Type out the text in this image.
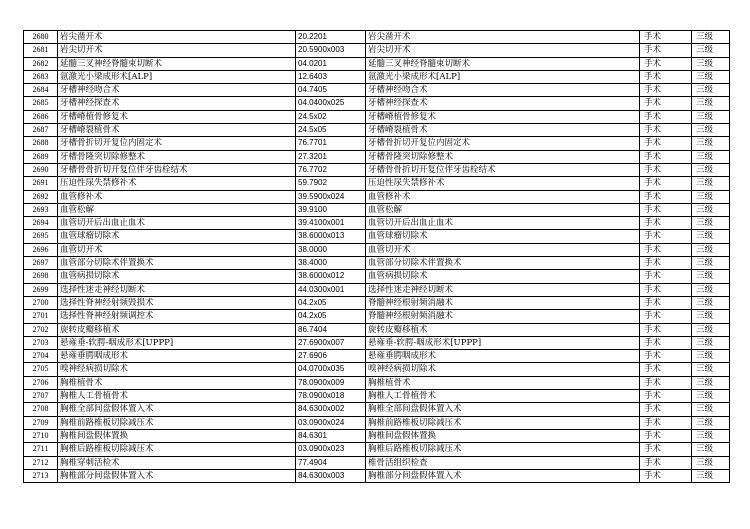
2680	岩尖凿开术	20.2201	岩尖凿开术	手术	三级
2681	岩尖切开术	20.5900x003	岩尖切开术	手术	三级
2682	延髓三叉神经脊髓束切断术	04.0201	延髓三叉神经脊髓束切断术	手术	三级
2683	氩激光小梁成形术[ALP]	12.6403	氩激光小梁成形术[ALP]	手术	三级
2684	牙槽神经吻合术	04.7405	牙槽神经吻合术	手术	三级
2685	牙槽神经探查术	04.0400x025	牙槽神经探查术	手术	三级
2686	牙槽嵴植骨修复术	24.5x02	牙槽嵴植骨修复术	手术	三级
2687	牙槽嵴裂植骨术	24.5x05	牙槽嵴裂植骨术	手术	三级
2688	牙槽骨折切开复位内固定术	76.7701	牙槽骨折切开复位内固定术	手术	三级
2689	牙槽骨隆突切除修整术	27.3201	牙槽骨隆突切除修整术	手术	三级
2690	牙槽骨骨折切开复位伴牙齿栓结术	76.7702	牙槽骨骨折切开复位伴牙齿栓结术	手术	三级
2691	压迫性尿失禁修补术	59.7902	压迫性尿失禁修补术	手术	三级
2692	血管修补术	39.5900x024	血管修补术	手术	三级
2693	血管松解	39.9100	血管松解	手术	三级
2694	血管切开后出血止血术	39.4100x001	血管切开后出血止血术	手术	三级
2695	血管球瘤切除术	38.6000x013	血管球瘤切除术	手术	三级
2696	血管切开术	38.0000	血管切开术	手术	三级
2697	血管部分切除术伴置换术	38.4000	血管部分切除术伴置换术	手术	三级
2698	血管病损切除术	38.6000x012	血管病损切除术	手术	三级
2699	选择性迷走神经切断术	44.0300x001	选择性迷走神经切断术	手术	三级
2700	选择性脊神经射频毁损术	04.2x05	脊髓神经根射频消融术	手术	三级
2701	选择性脊神经射频调控术	04.2x05	脊髓神经根射频消融术	手术	三级
2702	旋转皮瓣移植术	86.7404	旋转皮瓣移植术	手术	三级
2703	悬雍垂-软腭-咽成形术[UPPP]	27.6900x007	悬雍垂-软腭-咽成形术[UPPP]	手术	三级
2704	悬雍垂腭咽成形术	27.6906	悬雍垂腭咽成形术	手术	三级
2705	嗅神经病损切除术	04.0700x035	嗅神经病损切除术	手术	三级
2706	胸椎植骨术	78.0900x009	胸椎植骨术	手术	三级
2707	胸椎人工骨植骨术	78.0900x018	胸椎人工骨植骨术	手术	三级
2708	胸椎全部间盘假体置入术	84.6300x002	胸椎全部间盘假体置入术	手术	三级
2709	胸椎前路椎板切除减压术	03.0900x024	胸椎前路椎板切除减压术	手术	三级
2710	胸椎间盘假体置换	84.6301	胸椎间盘假体置换	手术	三级
2711	胸椎后路椎板切除减压术	03.0900x023	胸椎后路椎板切除减压术	手术	三级
2712	胸椎穿刺活检术	77.4904	椎骨活组织检查	手术	三级
2713	胸椎部分间盘假体置入术	84.6300x003	胸椎部分间盘假体置入术	手术	三级
